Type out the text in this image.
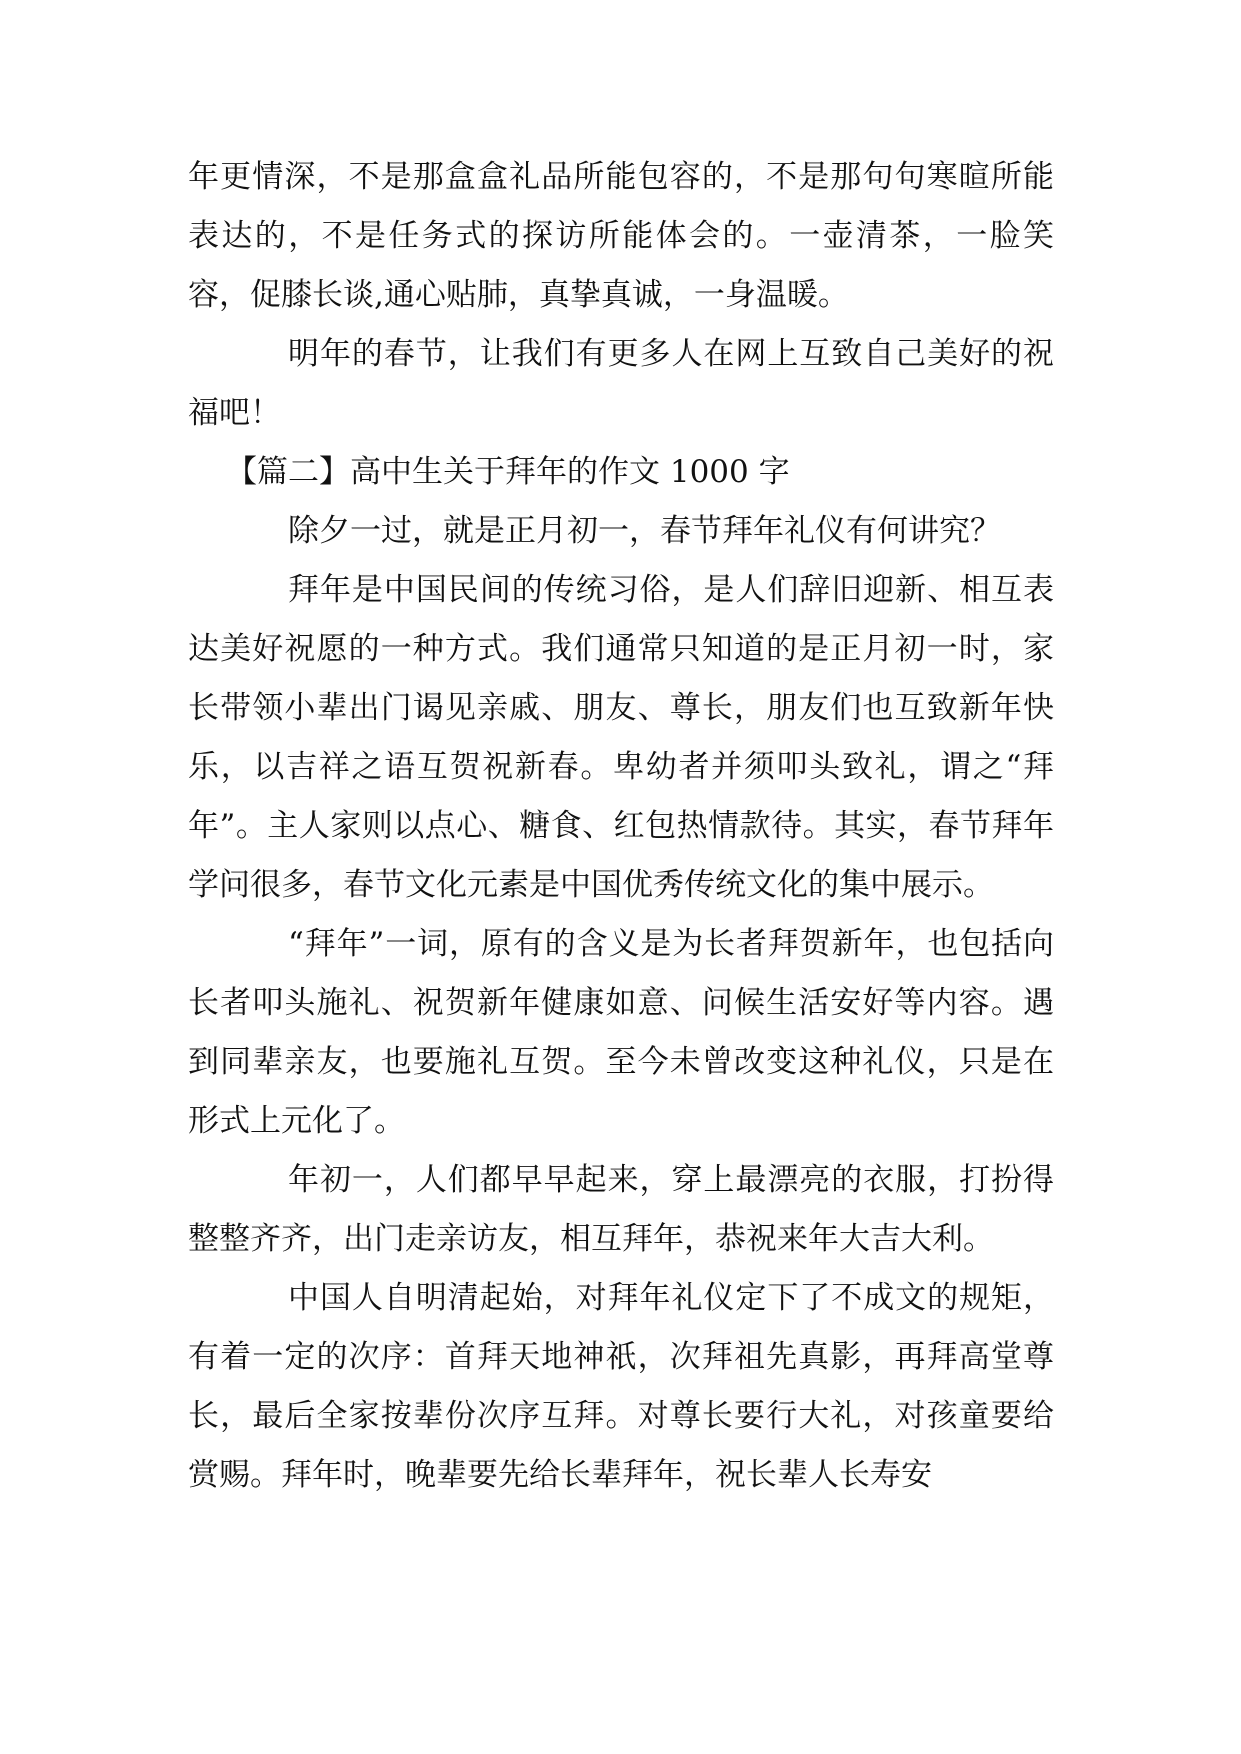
年更情深，不是那盒盒礼品所能包容的，不是那句句寒暄所能表达的，不是任务式的探访所能体会的。一壶清茶，一脸笑容，促膝长谈,通心贴肺，真挚真诚，一身温暖。

明年的春节，让我们有更多人在网上互致自己美好的祝福吧！

【篇二】高中生关于拜年的作文 1000 字

除夕一过，就是正月初一，春节拜年礼仪有何讲究？

拜年是中国民间的传统习俗，是人们辞旧迎新、相互表达美好祝愿的一种方式。我们通常只知道的是正月初一时，家长带领小辈出门谒见亲戚、朋友、尊长，朋友们也互致新年快乐，以吉祥之语互贺祝新春。卑幼者并须叩头致礼，谓之“拜年”。主人家则以点心、糖食、红包热情款待。其实，春节拜年学问很多，春节文化元素是中国优秀传统文化的集中展示。

“拜年”一词，原有的含义是为长者拜贺新年，也包括向长者叩头施礼、祝贺新年健康如意、问候生活安好等内容。遇到同辈亲友，也要施礼互贺。至今未曾改变这种礼仪，只是在形式上元化了。

年初一，人们都早早起来，穿上最漂亮的衣服，打扮得整整齐齐，出门走亲访友，相互拜年，恭祝来年大吉大利。

中国人自明清起始，对拜年礼仪定下了不成文的规矩，有着一定的次序：首拜天地神祇，次拜祖先真影，再拜高堂尊长，最后全家按辈份次序互拜。对尊长要行大礼，对孩童要给赏赐。拜年时，晚辈要先给长辈拜年，祝长辈人长寿安
